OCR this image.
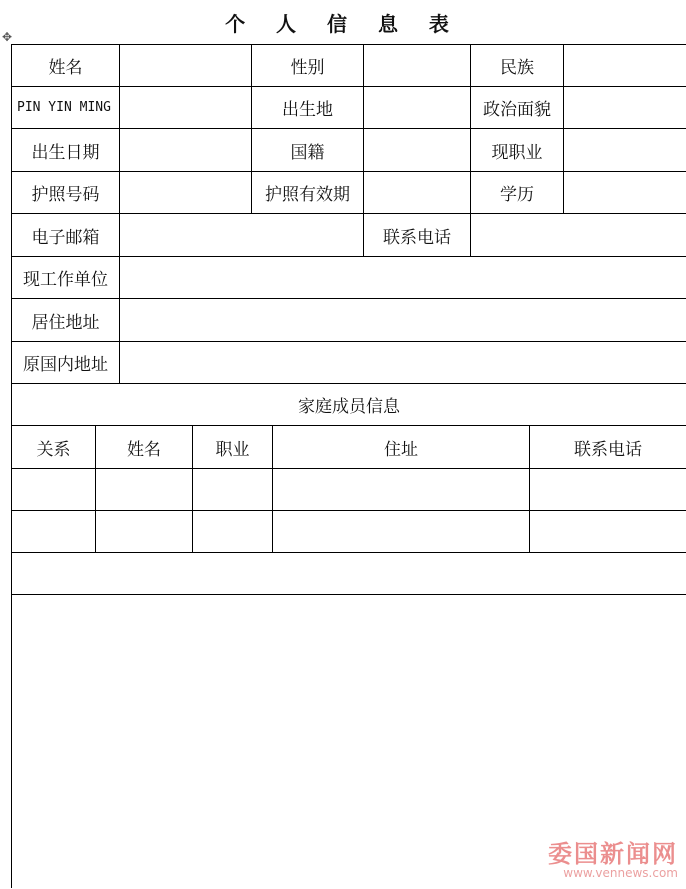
个 人 信 息 表
✥
姓名	性别	民族
PIN YIN MING	出生地	政治面貌
出生日期	国籍	现职业
护照号码	护照有效期	学历
电子邮箱	联系电话
现工作单位
居住地址
原国内地址
家庭成员信息
关系	姓名	职业	住址	联系电话
委国新闻网
www.vennews.com
